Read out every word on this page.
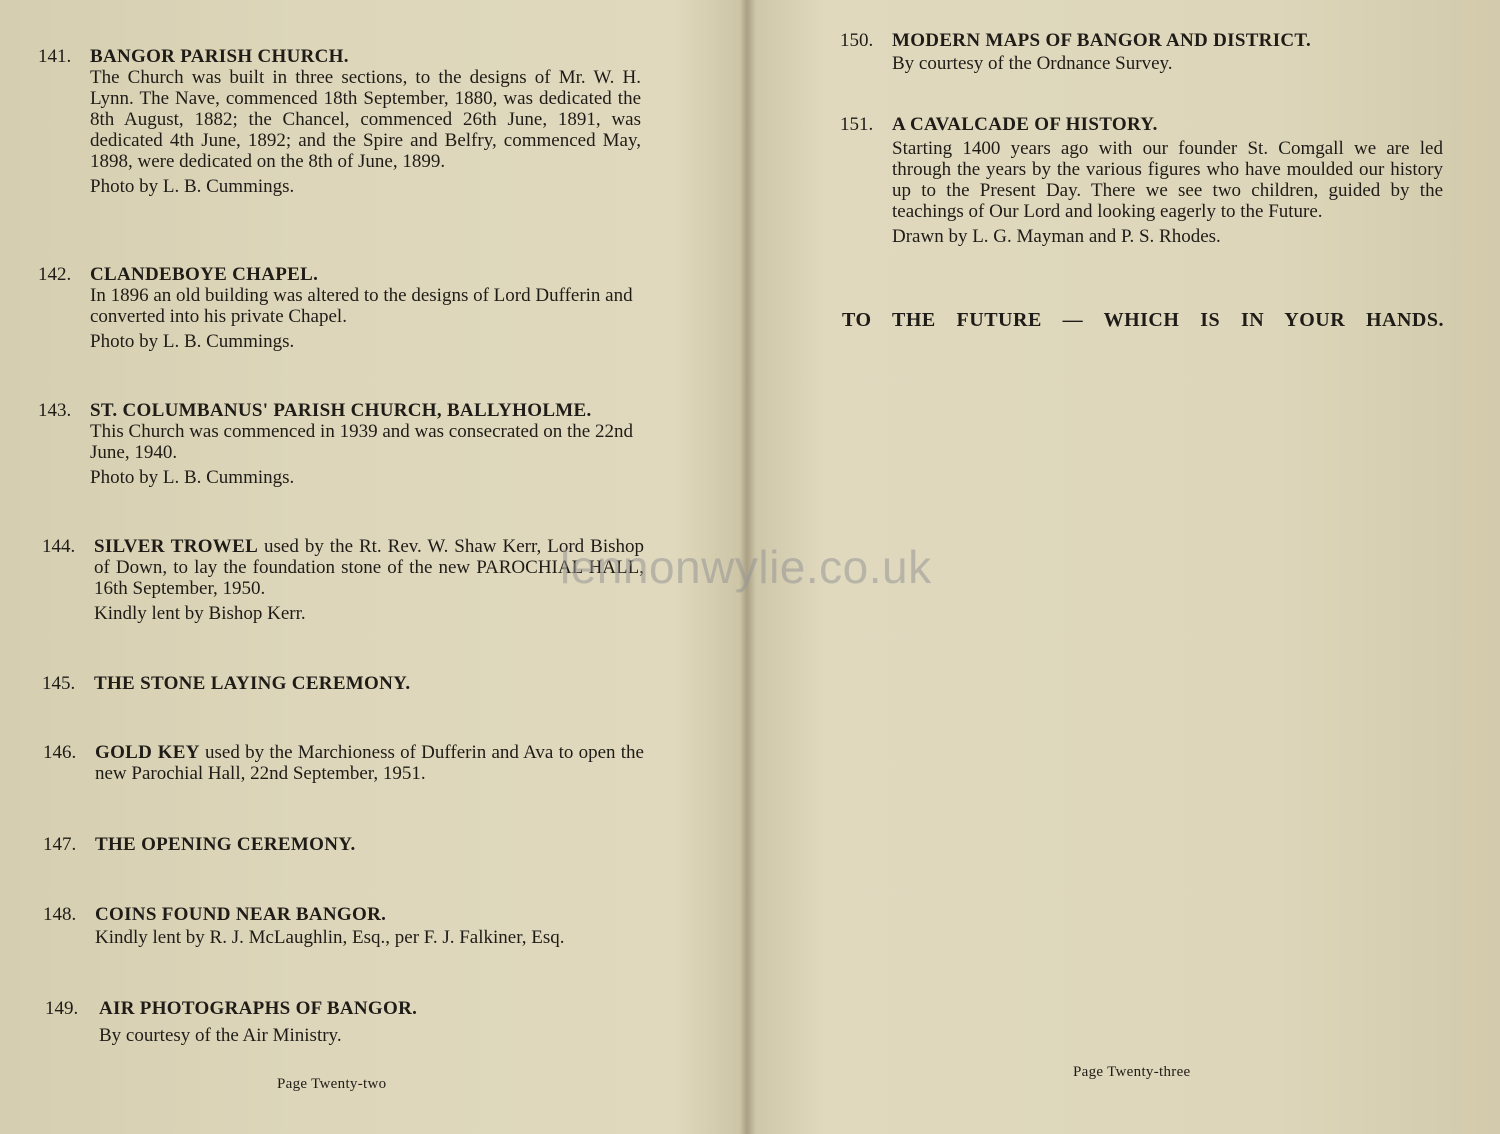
141. BANGOR PARISH CHURCH.
The Church was built in three sections, to the designs of Mr. W. H. Lynn. The Nave, commenced 18th September, 1880, was dedicated the 8th August, 1882; the Chancel, commenced 26th June, 1891, was dedicated 4th June, 1892; and the Spire and Belfry, commenced May, 1898, were dedicated on the 8th of June, 1899.
Photo by L. B. Cummings.
142. CLANDEBOYE CHAPEL.
In 1896 an old building was altered to the designs of Lord Dufferin and converted into his private Chapel.
Photo by L. B. Cummings.
143. ST. COLUMBANUS' PARISH CHURCH, BALLYHOLME.
This Church was commenced in 1939 and was consecrated on the 22nd June, 1940.
Photo by L. B. Cummings.
144. SILVER TROWEL used by the Rt. Rev. W. Shaw Kerr, Lord Bishop of Down, to lay the foundation stone of the new PAROCHIAL HALL, 16th September, 1950.
Kindly lent by Bishop Kerr.
145. THE STONE LAYING CEREMONY.
146. GOLD KEY used by the Marchioness of Dufferin and Ava to open the new Parochial Hall, 22nd September, 1951.
147. THE OPENING CEREMONY.
148. COINS FOUND NEAR BANGOR.
Kindly lent by R. J. McLaughlin, Esq., per F. J. Falkiner, Esq.
149. AIR PHOTOGRAPHS OF BANGOR.
By courtesy of the Air Ministry.
Page Twenty-two
150. MODERN MAPS OF BANGOR AND DISTRICT.
By courtesy of the Ordnance Survey.
151. A CAVALCADE OF HISTORY.
Starting 1400 years ago with our founder St. Comgall we are led through the years by the various figures who have moulded our history up to the Present Day. There we see two children, guided by the teachings of Our Lord and looking eagerly to the Future.
Drawn by L. G. Mayman and P. S. Rhodes.
TO THE FUTURE — WHICH IS IN YOUR HANDS.
Page Twenty-three
lennonwylie.co.uk
